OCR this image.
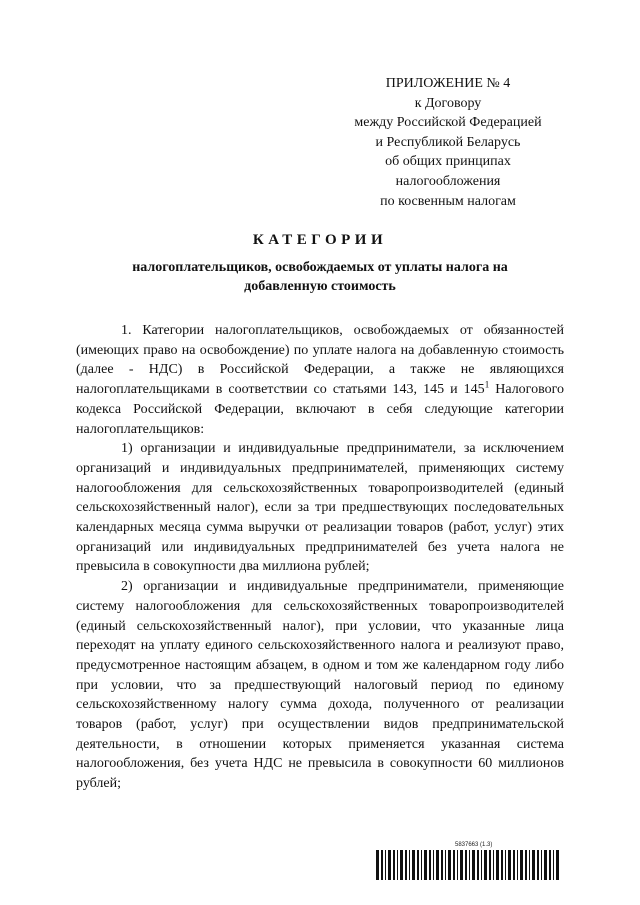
ПРИЛОЖЕНИЕ № 4
к Договору
между Российской Федерацией
и Республикой Беларусь
об общих принципах
налогообложения
по косвенным налогам
КАТЕГОРИИ
налогоплательщиков, освобождаемых от уплаты налога на добавленную стоимость

1. Категории налогоплательщиков, освобождаемых от обязанностей (имеющих право на освобождение) по уплате налога на добавленную стоимость (далее - НДС) в Российской Федерации, а также не являющихся налогоплательщиками в соответствии со статьями 143, 145 и $145^1$ Налогового кодекса Российской Федерации, включают в себя следующие категории налогоплательщиков:

1) организации и индивидуальные предприниматели, за исключением организаций и индивидуальных предпринимателей, применяющих систему налогообложения для сельскохозяйственных товаропроизводителей (единый сельскохозяйственный налог), если за три предшествующих последовательных календарных месяца сумма выручки от реализации товаров (работ, услуг) этих организаций или индивидуальных предпринимателей без учета налога не превысила в совокупности два миллиона рублей;

2) организации и индивидуальные предприниматели, применяющие систему налогообложения для сельскохозяйственных товаропроизводителей (единый сельскохозяйственный налог), при условии, что указанные лица переходят на уплату единого сельскохозяйственного налога и реализуют право, предусмотренное настоящим абзацем, в одном и том же календарном году либо при условии, что за предшествующий налоговый период по единому сельскохозяйственному налогу сумма дохода, полученного от реализации товаров (работ, услуг) при осуществлении видов предпринимательской деятельности, в отношении которых применяется указанная система налогообложения, без учета НДС не превысила в совокупности 60 миллионов рублей;

5837663 (1.3)
